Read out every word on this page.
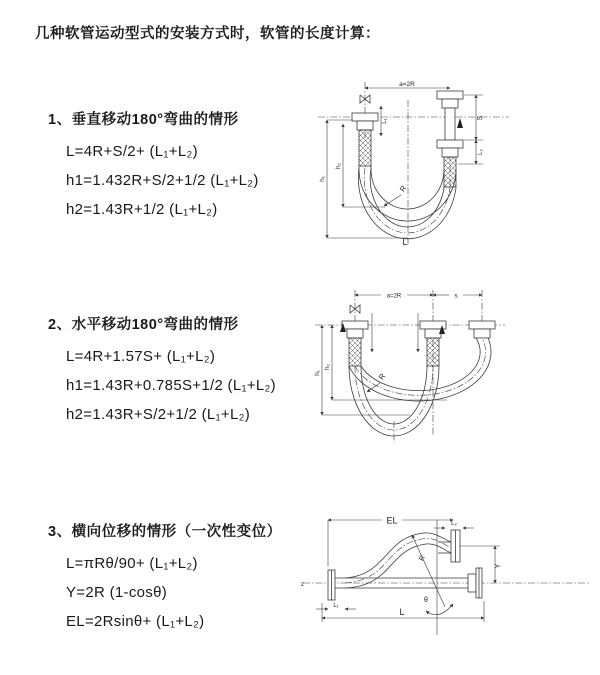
几种软管运动型式的安装方式时，软管的长度计算：
1、垂直移动180°弯曲的情形
L=4R+S/2+ (L₁+L₂)
h1=1.432R+S/2+1/2 (L₁+L₂)
h2=1.43R+1/2 (L₁+L₂)
2、水平移动180°弯曲的情形
L=4R+1.57S+ (L₁+L₂)
h1=1.43R+0.785S+1/2 (L₁+L₂)
h2=1.43R+S/2+1/2 (L₁+L₂)
3、横向位移的情形（一次性变位）
L=πRθ/90+ (L₁+L₂)
Y=2R (1-cosθ)
EL=2Rsinθ+ (L₁+L₂)
a=2R
L₁
S
L₂
h₁
h₂
R
L
a=2R	s
h₁
h₂
R
EL	L₂
Y
R
θ
L
L₁
z
